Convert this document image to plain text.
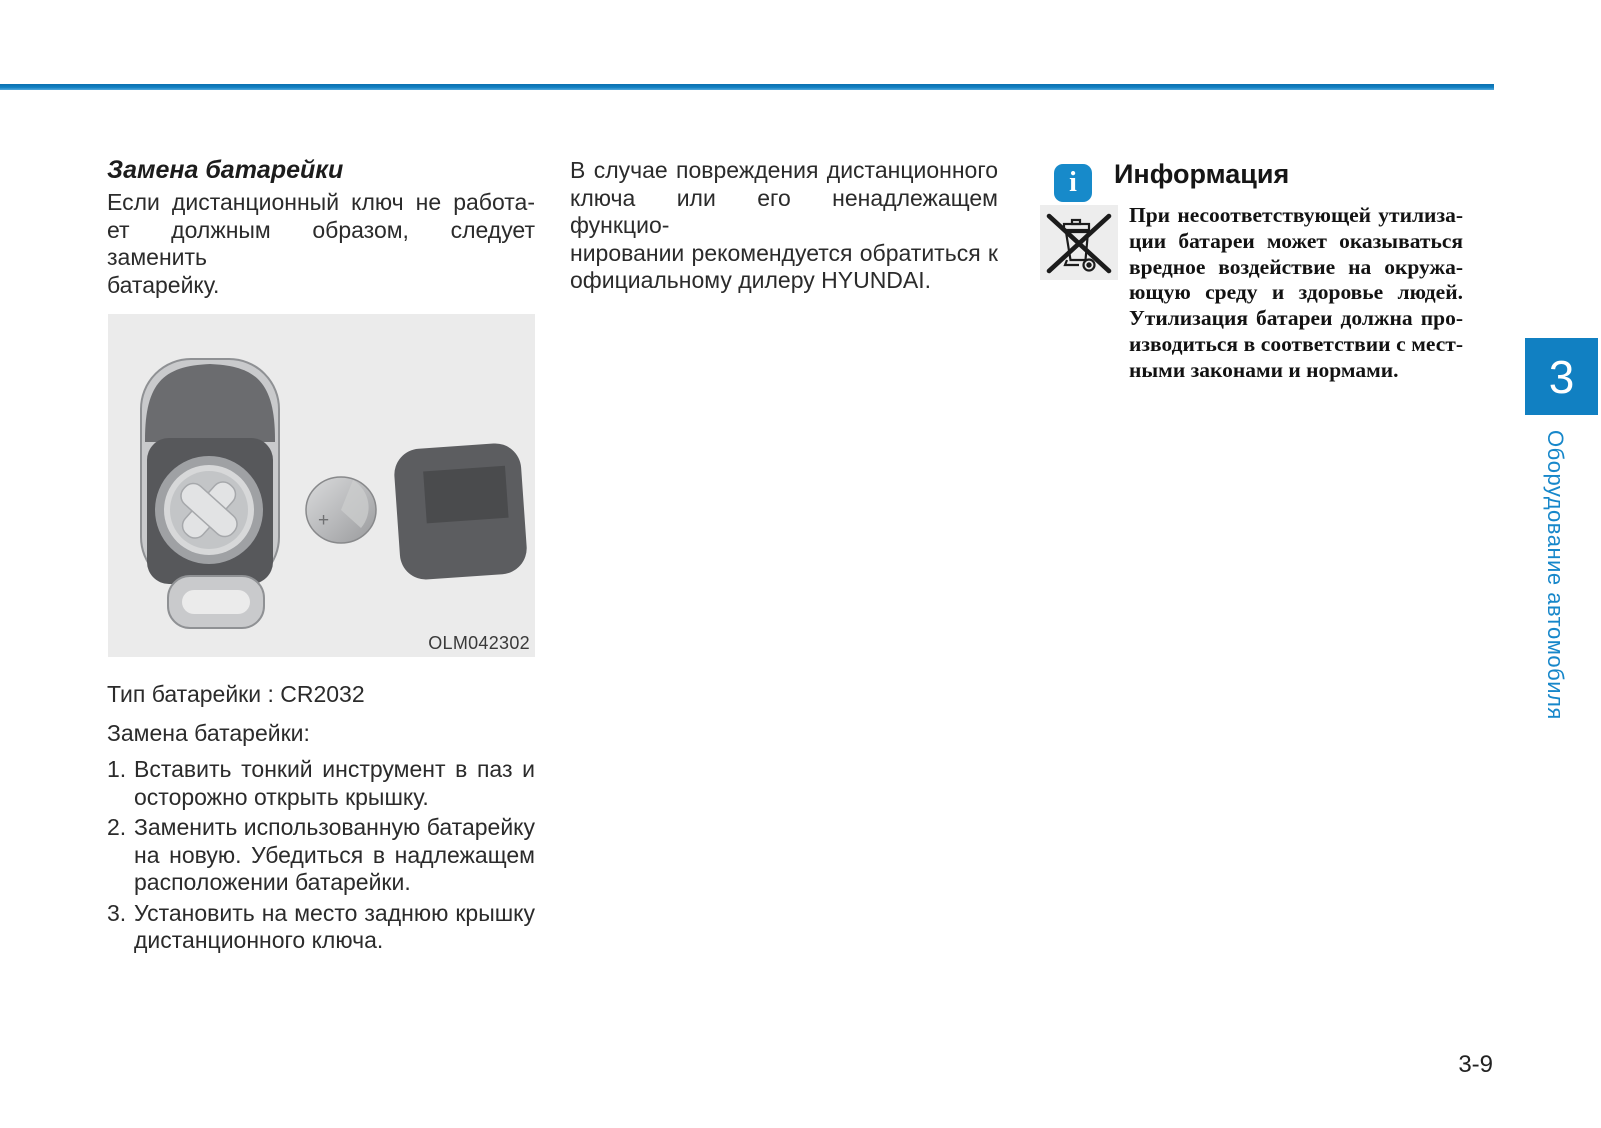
Замена батарейки
Если дистанционный ключ не работа-
ет должным образом, следует заменить
батарейку.
+
OLM042302
Тип батарейки : CR2032
Замена батарейки:
1. Вставить тонкий инструмент в паз и
осторожно открыть крышку.
2. Заменить использованную батарейку
на новую. Убедиться в надлежащем
расположении батарейки.
3. Установить на место заднюю крышку
дистанционного ключа.
В случае повреждения дистанционного
ключа или его ненадлежащем функцио-
нировании рекомендуется обратиться к
официальному дилеру HYUNDAI.
i	Информация
При несоответствующей утилиза-
ции батареи может оказываться
вредное воздействие на окружа-
ющую среду и здоровье людей.
Утилизация батареи должна про-
изводиться в соответствии с мест-
ными законами и нормами.	3
Оборудование автомобиля
3-9
